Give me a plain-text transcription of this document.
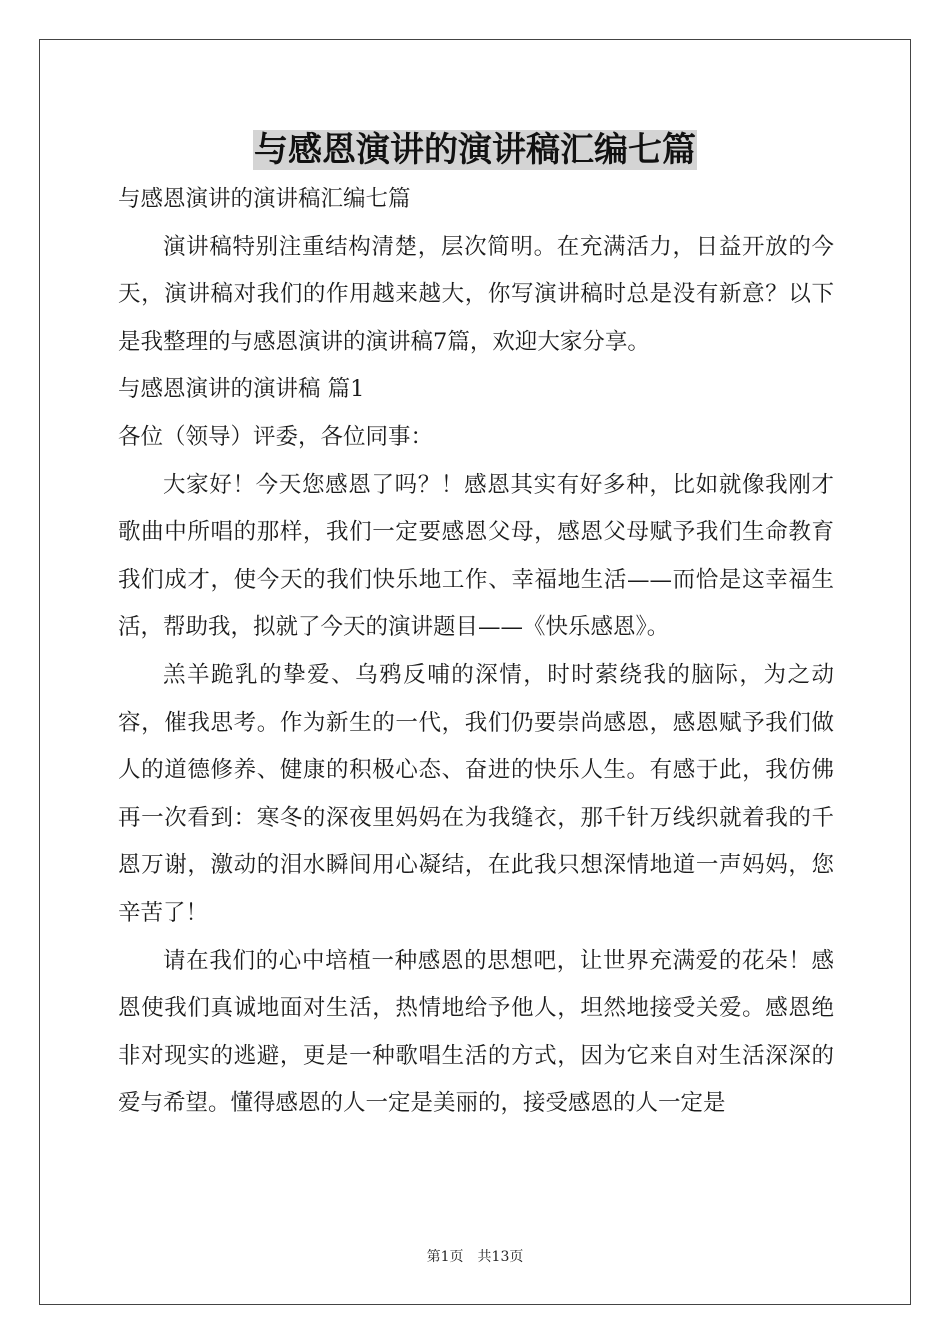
与感恩演讲的演讲稿汇编七篇

与感恩演讲的演讲稿汇编七篇

演讲稿特别注重结构清楚，层次简明。在充满活力，日益开放的今天，演讲稿对我们的作用越来越大，你写演讲稿时总是没有新意？以下是我整理的与感恩演讲的演讲稿7篇，欢迎大家分享。

与感恩演讲的演讲稿 篇1

各位（领导）评委，各位同事：

大家好！今天您感恩了吗？！感恩其实有好多种，比如就像我刚才歌曲中所唱的那样，我们一定要感恩父母，感恩父母赋予我们生命教育我们成才，使今天的我们快乐地工作、幸福地生活——而恰是这幸福生活，帮助我，拟就了今天的演讲题目——《快乐感恩》。

羔羊跪乳的挚爱、乌鸦反哺的深情，时时萦绕我的脑际，为之动容，催我思考。作为新生的一代，我们仍要崇尚感恩，感恩赋予我们做人的道德修养、健康的积极心态、奋进的快乐人生。有感于此，我仿佛再一次看到：寒冬的深夜里妈妈在为我缝衣，那千针万线织就着我的千恩万谢，激动的泪水瞬间用心凝结，在此我只想深情地道一声妈妈，您辛苦了！

请在我们的心中培植一种感恩的思想吧，让世界充满爱的花朵！感恩使我们真诚地面对生活，热情地给予他人，坦然地接受关爱。感恩绝非对现实的逃避，更是一种歌唱生活的方式，因为它来自对生活深深的爱与希望。懂得感恩的人一定是美丽的，接受感恩的人一定是

第1页　共13页
